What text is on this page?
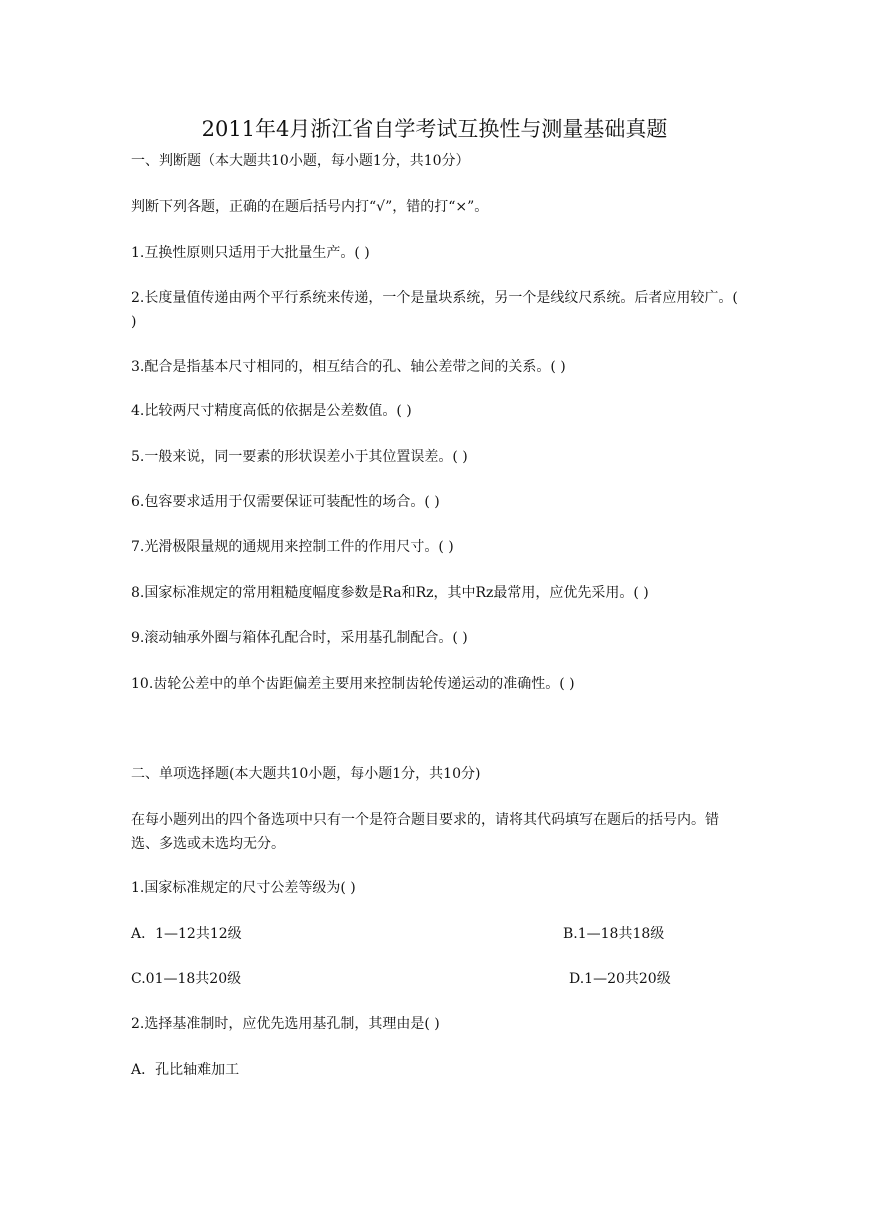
2011年4月浙江省自学考试互换性与测量基础真题
一、判断题（本大题共10小题，每小题1分，共10分）
判断下列各题，正确的在题后括号内打“√”，错的打“×”。
1.互换性原则只适用于大批量生产。( )
2.长度量值传递由两个平行系统来传递，一个是量块系统，另一个是线纹尺系统。后者应用较广。( )
3.配合是指基本尺寸相同的，相互结合的孔、轴公差带之间的关系。( )
4.比较两尺寸精度高低的依据是公差数值。( )
5.一般来说，同一要素的形状误差小于其位置误差。( )
6.包容要求适用于仅需要保证可装配性的场合。( )
7.光滑极限量规的通规用来控制工件的作用尺寸。( )
8.国家标准规定的常用粗糙度幅度参数是Ra和Rz，其中Rz最常用，应优先采用。( )
9.滚动轴承外圈与箱体孔配合时，采用基孔制配合。( )
10.齿轮公差中的单个齿距偏差主要用来控制齿轮传递运动的准确性。( )
二、单项选择题(本大题共10小题，每小题1分，共10分)
在每小题列出的四个备选项中只有一个是符合题目要求的，请将其代码填写在题后的括号内。错选、多选或未选均无分。
1.国家标准规定的尺寸公差等级为( )
A．1—12共12级	B.1—18共18级
C.01—18共20级	D.1—20共20级
2.选择基准制时，应优先选用基孔制，其理由是( )
A．孔比轴难加工
